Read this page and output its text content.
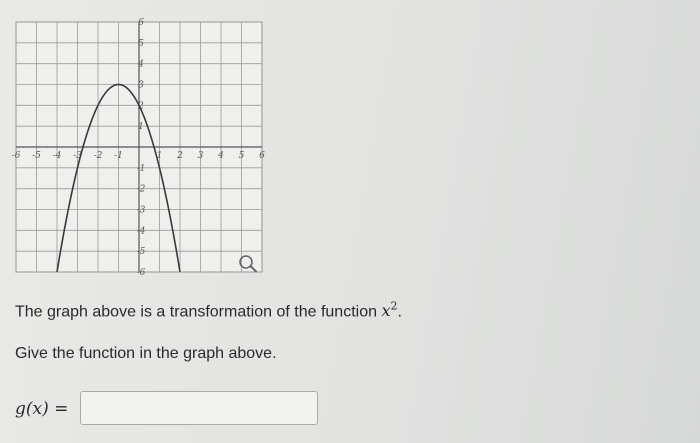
-6 -5 -4 -3 -2 -1	1 2 3 4 5 6
6
5
4
3
2
1
-1
-2
-3
-4
-5
-6
The graph above is a transformation of the function $x^2$.
Give the function in the graph above.
g(x) =
